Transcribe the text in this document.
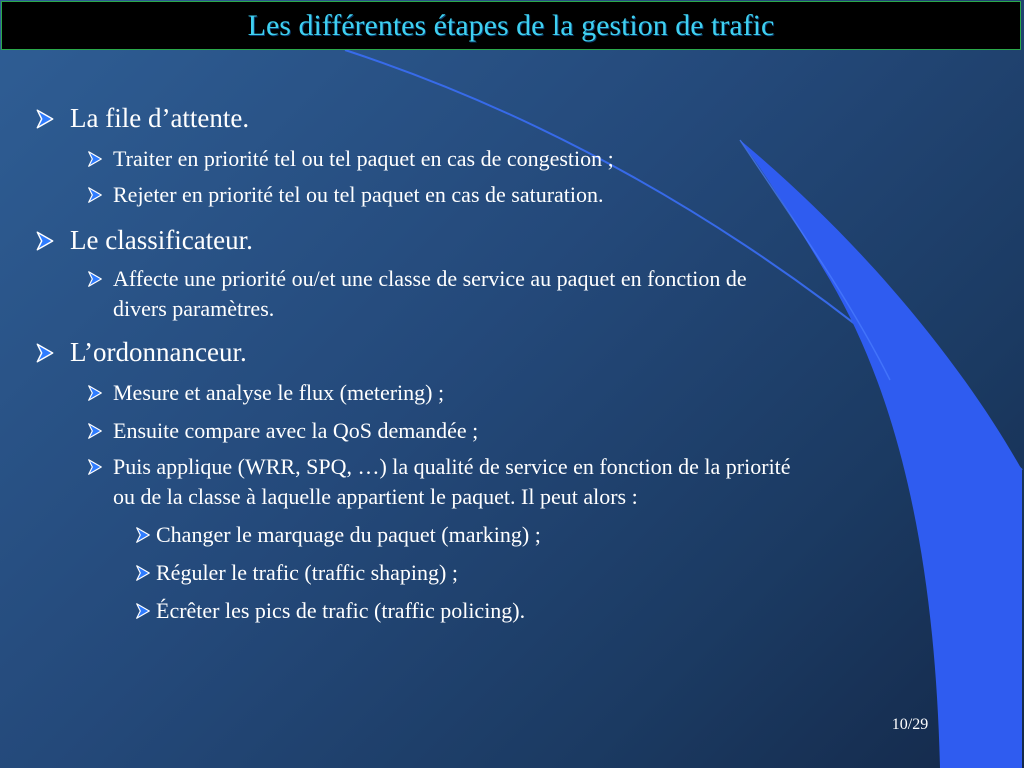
Les différentes étapes de la gestion de trafic
La file d’attente.
Traiter en priorité tel ou tel paquet en cas de congestion ;
Rejeter en priorité tel ou tel paquet en cas de saturation.
Le classificateur.
Affecte une priorité ou/et une classe de service au paquet en fonction de
divers paramètres.
L’ordonnanceur.
Mesure et analyse le flux (metering) ;
Ensuite compare avec la QoS demandée ;
Puis applique (WRR, SPQ, …) la qualité de service en fonction de la priorité
ou de la classe à laquelle appartient le paquet. Il peut alors :
Changer le marquage du paquet (marking) ;
Réguler le trafic (traffic shaping) ;
Écrêter les pics de trafic (traffic policing).
10/29
